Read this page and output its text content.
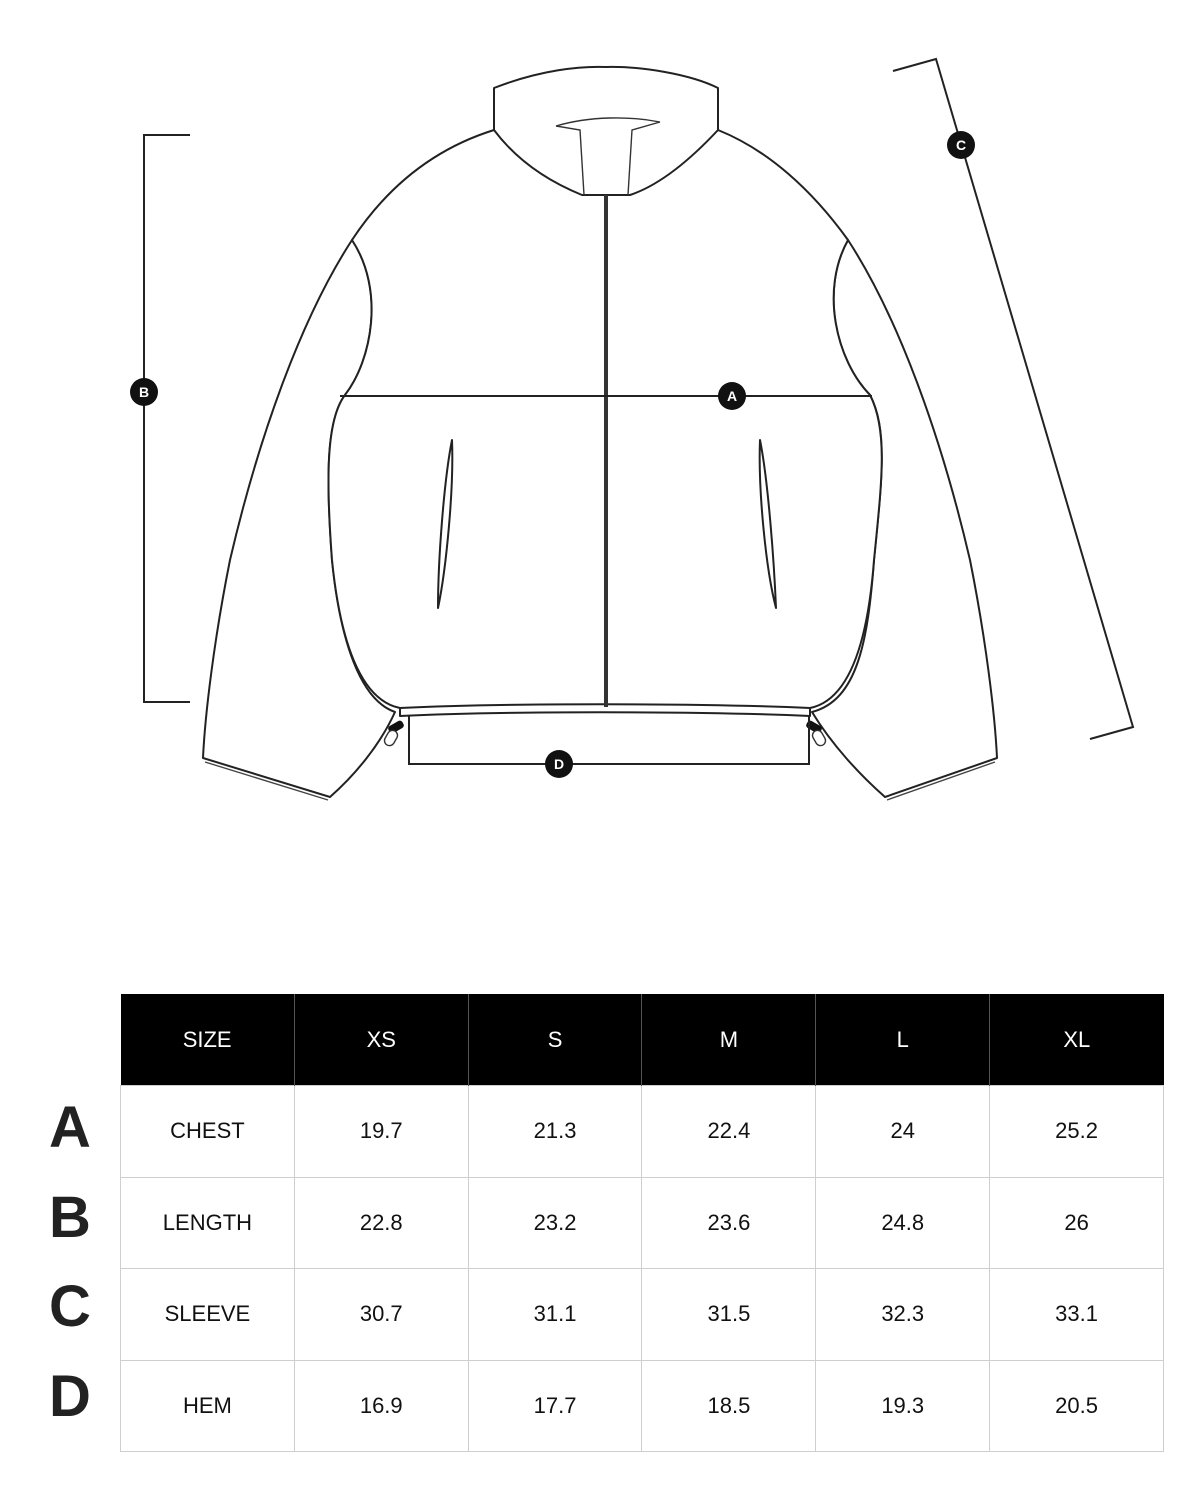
A
B
C
D
A
B
C
D
SIZE	XS	S	M	L	XL
CHEST	19.7	21.3	22.4	24	25.2
LENGTH	22.8	23.2	23.6	24.8	26
SLEEVE	30.7	31.1	31.5	32.3	33.1
HEM	16.9	17.7	18.5	19.3	20.5
